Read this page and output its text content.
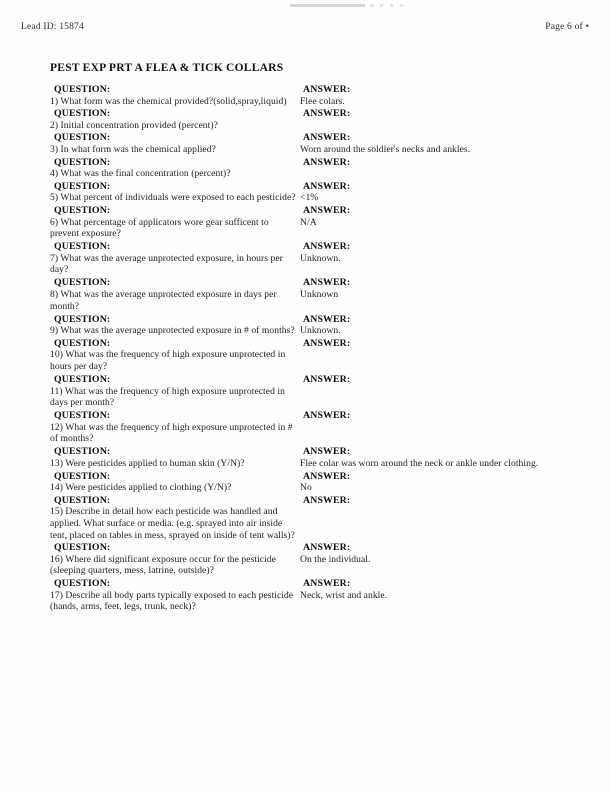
Lead ID: 15874	Page 6 of •
PEST EXP PRT A FLEA & TICK COLLARS
QUESTION:
1) What form was the chemical provided?(solid,spray,liquid)
ANSWER:
Flee colars.
QUESTION:
2) Initial concentration provided (percent)?
ANSWER:
QUESTION:
3) In what form was the chemical applied?
ANSWER:
Worn around the soldier's necks and ankles.
QUESTION:
4) What was the final concentration (percent)?
ANSWER:
QUESTION:
5) What percent of individuals were exposed to each pesticide?
ANSWER:
<1%
QUESTION:
6) What percentage of applicators wore gear sufficent to prevent exposure?
ANSWER:
N/A
QUESTION:
7) What was the average unprotected exposure, in hours per day?
ANSWER:
Unknown.
QUESTION:
8) What was the average unprotected exposure in days per month?
ANSWER:
Unknown
QUESTION:
9) What was the average unprotected exposure in # of months?
ANSWER:
Unknown.
QUESTION:
10) What was the frequency of high exposure unprotected in hours per day?
ANSWER:
QUESTION:
11) What was the frequency of high exposure unprotected in days per month?
ANSWER:
QUESTION:
12) What was the frequency of high exposure unprotected in # of months?
ANSWER:
QUESTION:
13) Were pesticides applied to human skin (Y/N)?
ANSWER:
Flee colar was worn around the neck or ankle under clothing.
QUESTION:
14) Were pesticides applied to clothing (Y/N)?
ANSWER:
No
QUESTION:
15) Describe in detail how each pesticide was handled and applied. What surface or media. (e.g. sprayed into air inside tent, placed on tables in mess, sprayed on inside of tent walls)?
ANSWER:
QUESTION:
16) Where did significant exposure occur for the pesticide (sleeping quarters, mess, latrine, outside)?
ANSWER:
On the individual.
QUESTION:
17) Describe all body parts typically exposed to each pesticide (hands, arms, feet, legs, trunk, neck)?
ANSWER:
Neck, wrist and ankle.
